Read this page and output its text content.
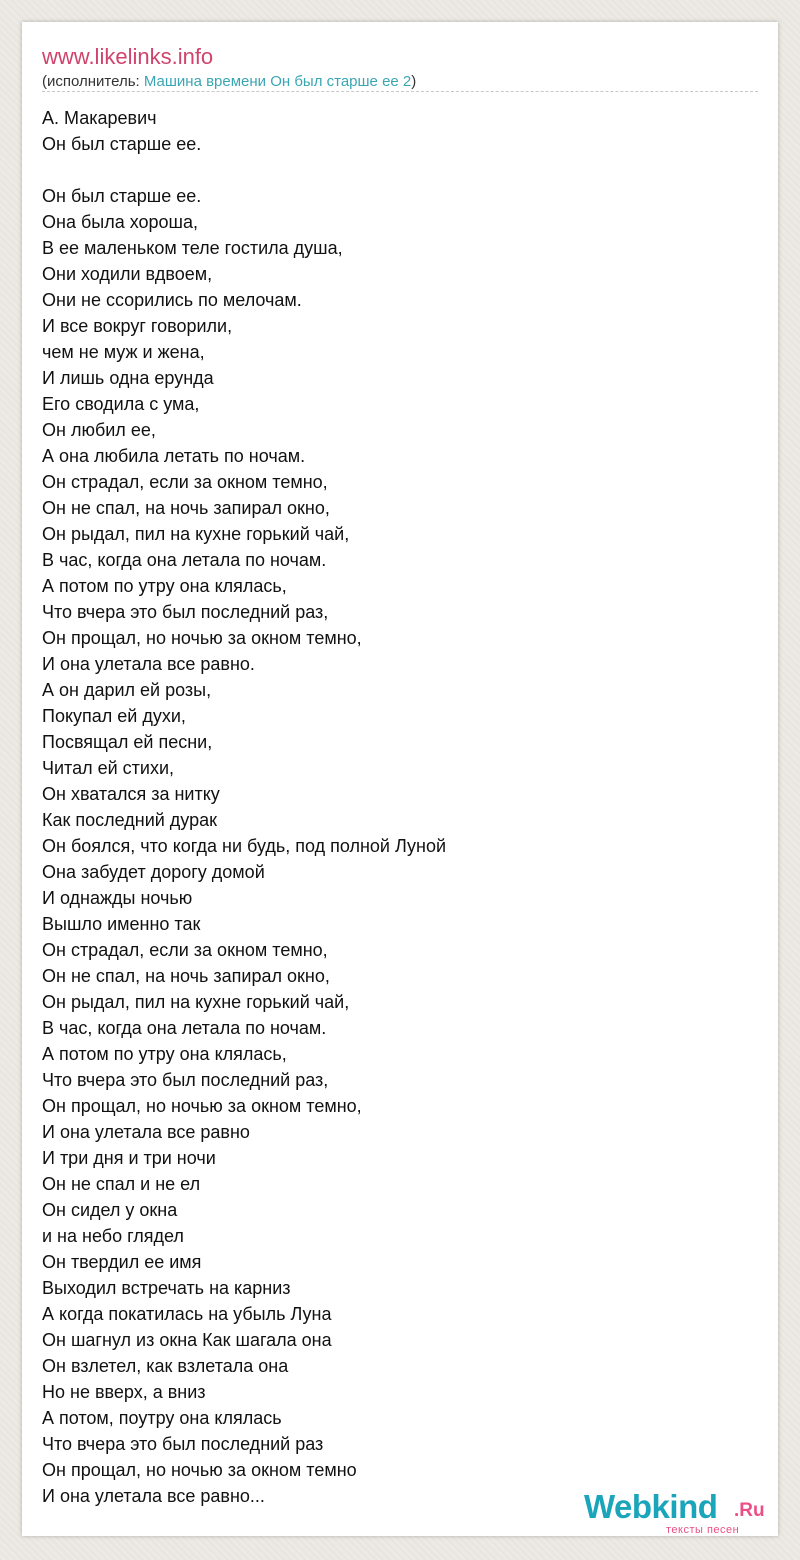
www.likelinks.info
(исполнитель: Машина времени Он был старше ее 2)
А. Макаревич
Он был старше ее.
Он был старше ее.
Она была хороша,
В ее маленьком теле гостила душа,
Они ходили вдвоем,
Они не ссорились по мелочам.
И все вокруг говорили,
чем не муж и жена,
И лишь одна ерунда
Его сводила с ума,
Он любил ее,
А она любила летать по ночам.
Он страдал, если за окном темно,
Он не спал, на ночь запирал окно,
Он рыдал, пил на кухне горький чай,
В час, когда она летала по ночам.
А потом по утру она клялась,
Что вчера это был последний раз,
Он прощал, но ночью за окном темно,
И она улетала все равно.
А он дарил ей розы,
Покупал ей духи,
Посвящал ей песни,
Читал ей стихи,
Он хватался за нитку
Как последний дурак
Он боялся, что когда ни будь, под полной Луной
Она забудет дорогу домой
И однажды ночью
Вышло именно так
Он страдал, если за окном темно,
Он не спал, на ночь запирал окно,
Он рыдал, пил на кухне горький чай,
В час, когда она летала по ночам.
А потом по утру она клялась,
Что вчера это был последний раз,
Он прощал, но ночью за окном темно,
И она улетала все равно
И три дня и три ночи
Он не спал и не ел
Он сидел у окна
и на небо глядел
Он твердил ее имя
Выходил встречать на карниз
А когда покатилась на убыль Луна
Он шагнул из окна Как шагала она
Он взлетел, как взлетала она
Но не вверх, а вниз
А потом, поутру она клялась
Что вчера это был последний раз
Он прощал, но ночью за окном темно
И она улетала все равно...	Webkind .Ru
тексты песен
